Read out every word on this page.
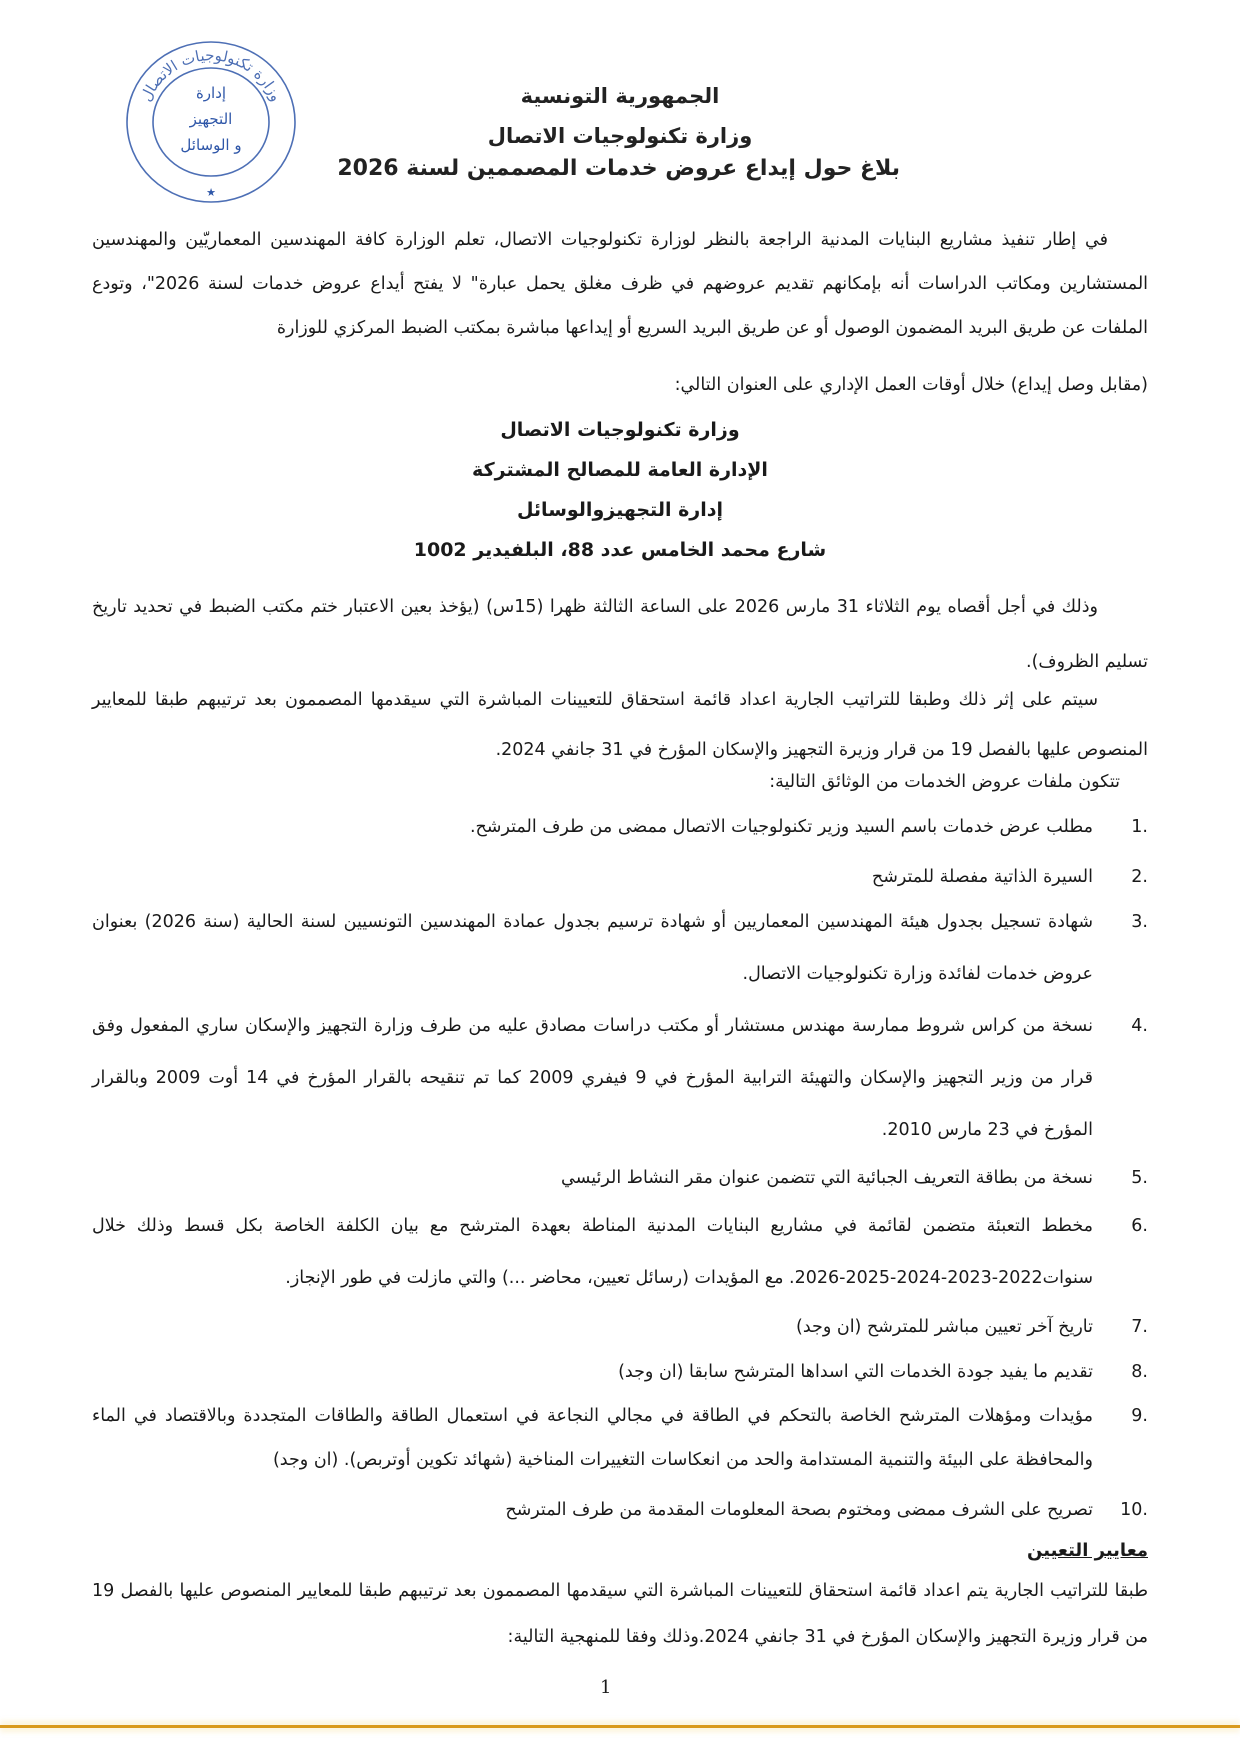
وزارة تكنولوجيات الاتصال
إدارة
التجهيز
و الوسائل
★
الجمهورية التونسية
وزارة تكنولوجيات الاتصال
بلاغ حول إيداع عروض خدمات المصممين لسنة 2026
في إطار تنفيذ مشاريع البنايات المدنية الراجعة بالنظر لوزارة تكنولوجيات الاتصال، تعلم الوزارة كافة المهندسين المعماريّين والمهندسين المستشارين ومكاتب الدراسات أنه بإمكانهم تقديم عروضهم في ظرف مغلق يحمل عبارة" لا يفتح أيداع عروض خدمات لسنة 2026"، وتودع الملفات عن طريق البريد المضمون الوصول أو عن طريق البريد السريع أو إيداعها مباشرة بمكتب الضبط المركزي للوزارة
(مقابل وصل إيداع) خلال أوقات العمل الإداري على العنوان التالي:
وزارة تكنولوجيات الاتصال
الإدارة العامة للمصالح المشتركة
إدارة التجهيزوالوسائل
شارع محمد الخامس عدد 88، البلفيدير 1002
وذلك في أجل أقصاه يوم الثلاثاء 31 مارس 2026 على الساعة الثالثة ظهرا (15س) (يؤخذ بعين الاعتبار ختم مكتب الضبط في تحديد تاريخ تسليم الظروف).
سيتم على إثر ذلك وطبقا للتراتيب الجارية اعداد قائمة استحقاق للتعيينات المباشرة التي سيقدمها المصممون بعد ترتيبهم طبقا للمعايير المنصوص عليها بالفصل 19 من قرار وزيرة التجهيز والإسكان المؤرخ في 31 جانفي 2024.
تتكون ملفات عروض الخدمات من الوثائق التالية:
1.
مطلب عرض خدمات باسم السيد وزير تكنولوجيات الاتصال ممضى من طرف المترشح.
2.
السيرة الذاتية مفصلة للمترشح
3.
شهادة تسجيل بجدول هيئة المهندسين المعماريين أو شهادة ترسيم بجدول عمادة المهندسين التونسيين لسنة الحالية (سنة 2026) بعنوان عروض خدمات لفائدة وزارة تكنولوجيات الاتصال.
4.
نسخة من كراس شروط ممارسة مهندس مستشار أو مكتب دراسات مصادق عليه من طرف وزارة التجهيز والإسكان ساري المفعول وفق قرار من وزير التجهيز والإسكان والتهيئة الترابية المؤرخ في 9 فيفري 2009 كما تم تنقيحه بالقرار المؤرخ في 14 أوت 2009 وبالقرار المؤرخ في 23 مارس 2010.
5.
نسخة من بطاقة التعريف الجبائية التي تتضمن عنوان مقر النشاط الرئيسي
6.
مخطط التعبئة متضمن لقائمة في مشاريع البنايات المدنية المناطة بعهدة المترشح مع بيان الكلفة الخاصة بكل قسط وذلك خلال سنوات2022-2023-2024-2025-2026. مع المؤيدات (رسائل تعيين، محاضر ...) والتي مازلت في طور الإنجاز.
7.
تاريخ آخر تعيين مباشر للمترشح (ان وجد)
8.
تقديم ما يفيد جودة الخدمات التي اسداها المترشح سابقا (ان وجد)
9.
مؤيدات ومؤهلات المترشح الخاصة بالتحكم في الطاقة في مجالي النجاعة في استعمال الطاقة والطاقات المتجددة وبالاقتصاد في الماء والمحافظة على البيئة والتنمية المستدامة والحد من انعكاسات التغييرات المناخية (شهائد تكوين أوتربص). (ان وجد)
10.
تصريح على الشرف ممضى ومختوم بصحة المعلومات المقدمة من طرف المترشح
معايير التعيين
طبقا للتراتيب الجارية يتم اعداد قائمة استحقاق للتعيينات المباشرة التي سيقدمها المصممون بعد ترتيبهم طبقا للمعايير المنصوص عليها بالفصل 19 من قرار وزيرة التجهيز والإسكان المؤرخ في 31 جانفي 2024.وذلك وفقا للمنهجية التالية:
1
